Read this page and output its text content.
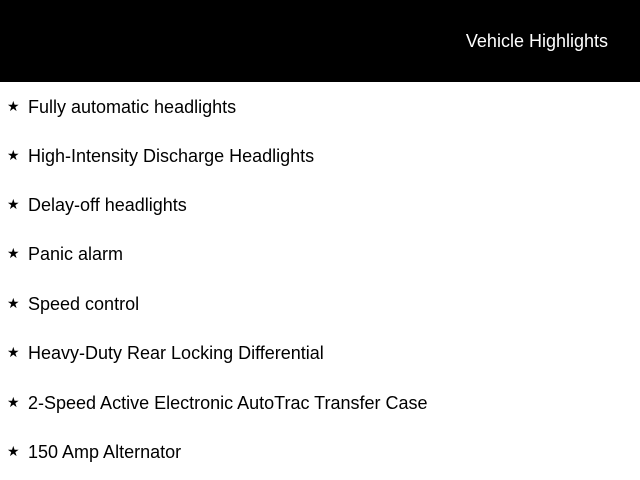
Vehicle Highlights
★ Fully automatic headlights
★ High-Intensity Discharge Headlights
★ Delay-off headlights
★ Panic alarm
★ Speed control
★ Heavy-Duty Rear Locking Differential
★ 2-Speed Active Electronic AutoTrac Transfer Case
★ 150 Amp Alternator
